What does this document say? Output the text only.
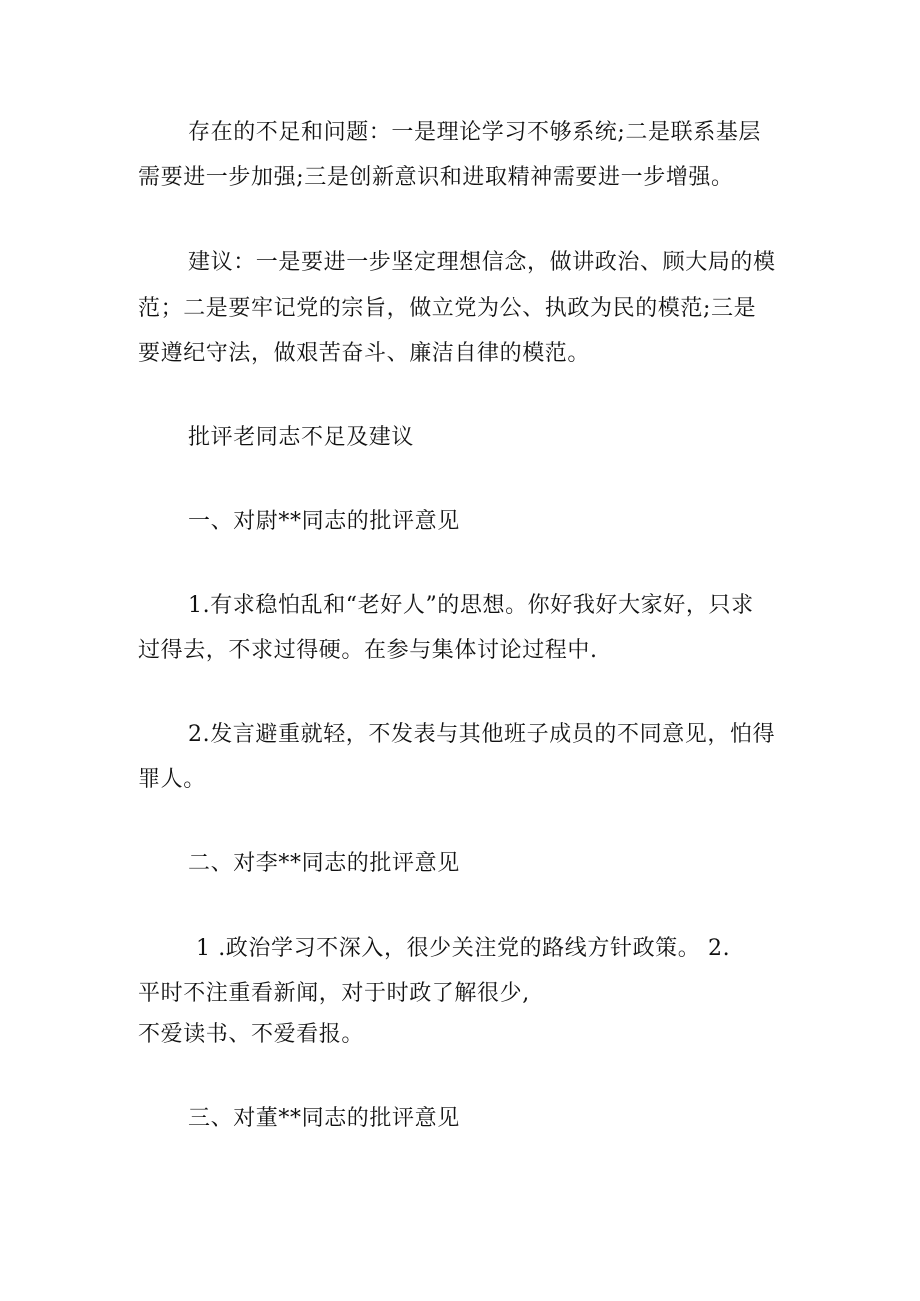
存在的不足和问题：一是理论学习不够系统;二是联系基层
需要进一步加强;三是创新意识和进取精神需要进一步增强。
建议：一是要进一步坚定理想信念，做讲政治、顾大局的模
范；二是要牢记党的宗旨，做立党为公、执政为民的模范;三是
要遵纪守法，做艰苦奋斗、廉洁自律的模范。
批评老同志不足及建议
一、对尉**同志的批评意见
1.有求稳怕乱和“老好人”的思想。你好我好大家好，只求
过得去，不求过得硬。在参与集体讨论过程中.
2.发言避重就轻，不发表与其他班子成员的不同意见，怕得
罪人。
二、对李**同志的批评意见
1 .政治学习不深入，很少关注党的路线方针政策。 2.
平时不注重看新闻，对于时政了解很少,
不爱读书、不爱看报。
三、对董**同志的批评意见
